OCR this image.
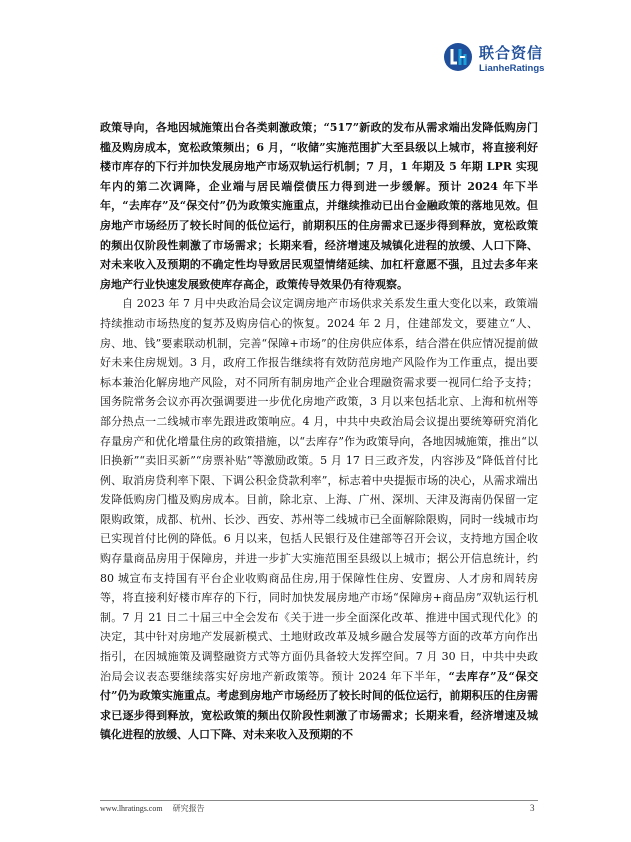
联合资信
LianheRatings

政策导向，各地因城施策出台各类刺激政策；“517”新政的发布从需求端出发降低购房门槛及购房成本，宽松政策频出；6 月，“收储”实施范围扩大至县级以上城市，将直接利好楼市库存的下行并加快发展房地产市场双轨运行机制；7 月，1 年期及 5 年期 LPR 实现年内的第二次调降，企业端与居民端偿债压力得到进一步缓解。预计 2024 年下半年，“去库存”及“保交付”仍为政策实施重点，并继续推动已出台金融政策的落地见效。但房地产市场经历了较长时间的低位运行，前期积压的住房需求已逐步得到释放，宽松政策的频出仅阶段性刺激了市场需求；长期来看，经济增速及城镇化进程的放缓、人口下降、对未来收入及预期的不确定性均导致居民观望情绪延续、加杠杆意愿不强，且过去多年来房地产行业快速发展致使库存高企，政策传导效果仍有待观察。

自 2023 年 7 月中央政治局会议定调房地产市场供求关系发生重大变化以来，政策端持续推动市场热度的复苏及购房信心的恢复。2024 年 2 月，住建部发文，要建立“人、房、地、钱”要素联动机制，完善“保障+市场”的住房供应体系，结合潜在供应情况提前做好未来住房规划。3 月，政府工作报告继续将有效防范房地产风险作为工作重点，提出要标本兼治化解房地产风险，对不同所有制房地产企业合理融资需求要一视同仁给予支持；国务院常务会议亦再次强调要进一步优化房地产政策，3 月以来包括北京、上海和杭州等部分热点一二线城市率先跟进政策响应。4 月，中共中央政治局会议提出要统筹研究消化存量房产和优化增量住房的政策措施，以“去库存”作为政策导向，各地因城施策，推出“以旧换新”“卖旧买新”“房票补贴”等激励政策。5 月 17 日三政齐发，内容涉及“降低首付比例、取消房贷利率下限、下调公积金贷款利率”，标志着中央提振市场的决心，从需求端出发降低购房门槛及购房成本。目前，除北京、上海、广州、深圳、天津及海南仍保留一定限购政策，成都、杭州、长沙、西安、苏州等二线城市已全面解除限购，同时一线城市均已实现首付比例的降低。6 月以来，包括人民银行及住建部等召开会议，支持地方国企收购存量商品房用于保障房，并进一步扩大实施范围至县级以上城市；据公开信息统计，约 80 城宣布支持国有平台企业收购商品住房,用于保障性住房、安置房、人才房和周转房等，将直接利好楼市库存的下行，同时加快发展房地产市场“保障房+商品房”双轨运行机制。7 月 21 日二十届三中全会发布《关于进一步全面深化改革、推进中国式现代化》的决定，其中针对房地产发展新模式、土地财政改革及城乡融合发展等方面的改革方向作出指引，在因城施策及调整融资方式等方面仍具备较大发挥空间。7 月 30 日，中共中央政治局会议表态要继续落实好房地产新政策等。预计 2024 年下半年，“去库存”及“保交付”仍为政策实施重点。考虑到房地产市场经历了较长时间的低位运行，前期积压的住房需求已逐步得到释放，宽松政策的频出仅阶段性刺激了市场需求；长期来看，经济增速及城镇化进程的放缓、人口下降、对未来收入及预期的不

www.lhratings.com 研究报告	3
